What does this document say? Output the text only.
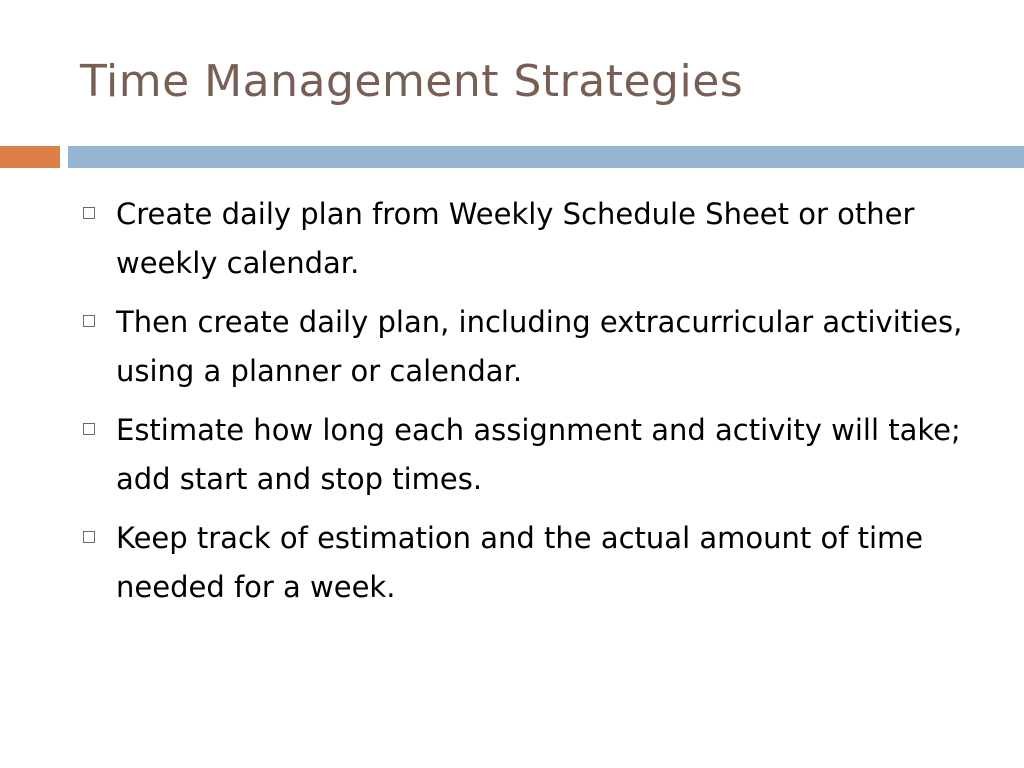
Time Management Strategies
Create daily plan from Weekly Schedule Sheet or other weekly calendar.
Then create daily plan, including extracurricular activities, using a planner or calendar.
Estimate how long each assignment and activity will take; add start and stop times.
Keep track of estimation and the actual amount of time needed for a week.
